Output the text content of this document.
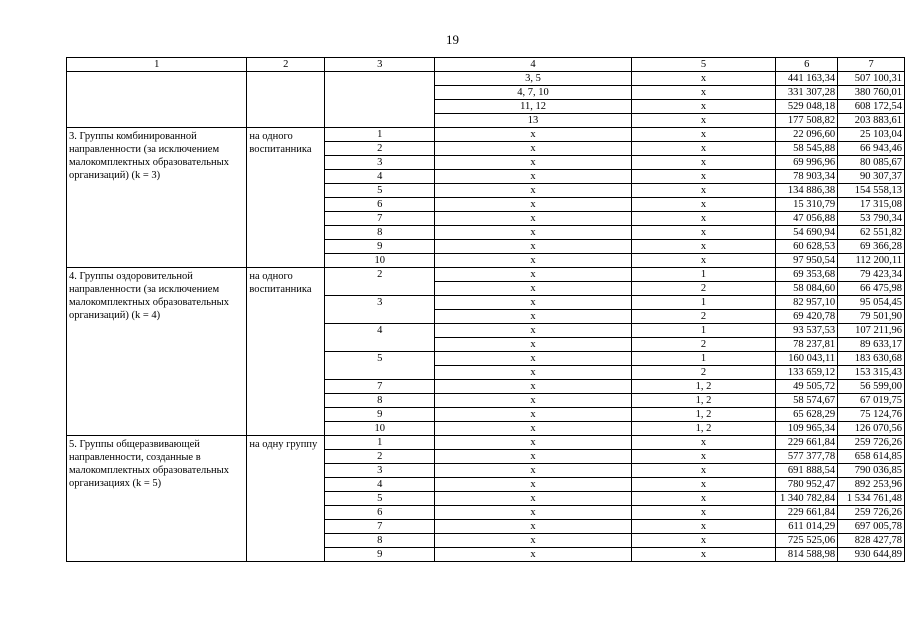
19
1	2	3	4	5	6	7
			3, 5	х	441 163,34	507 100,31
			4, 7, 10	х	331 307,28	380 760,01
			11, 12	х	529 048,18	608 172,54
			13	х	177 508,82	203 883,61
3. Группы комбинированной направленности (за исключением малокомплектных образовательных организаций) (k = 3)	на одного воспитанника	1	х	х	22 096,60	25 103,04
		2	х	х	58 545,88	66 943,46
		3	х	х	69 996,96	80 085,67
		4	х	х	78 903,34	90 307,37
		5	х	х	134 886,38	154 558,13
		6	х	х	15 310,79	17 315,08
		7	х	х	47 056,88	53 790,34
		8	х	х	54 690,94	62 551,82
		9	х	х	60 628,53	69 366,28
		10	х	х	97 950,54	112 200,11
4. Группы оздоровительной направленности (за исключением малокомплектных образовательных организаций) (k = 4)	на одного воспитанника	2	х	1	69 353,68	79 423,34
			х	2	58 084,60	66 475,98
		3	х	1	82 957,10	95 054,45
			х	2	69 420,78	79 501,90
		4	х	1	93 537,53	107 211,96
			х	2	78 237,81	89 633,17
		5	х	1	160 043,11	183 630,68
			х	2	133 659,12	153 315,43
		7	х	1, 2	49 505,72	56 599,00
		8	х	1, 2	58 574,67	67 019,75
		9	х	1, 2	65 628,29	75 124,76
		10	х	1, 2	109 965,34	126 070,56
5. Группы общеразвивающей направленности, созданные в малокомплектных образовательных организациях (k = 5)	на одну группу	1	х	х	229 661,84	259 726,26
		2	х	х	577 377,78	658 614,85
		3	х	х	691 888,54	790 036,85
		4	х	х	780 952,47	892 253,96
		5	х	х	1 340 782,84	1 534 761,48
		6	х	х	229 661,84	259 726,26
		7	х	х	611 014,29	697 005,78
		8	х	х	725 525,06	828 427,78
		9	х	х	814 588,98	930 644,89
